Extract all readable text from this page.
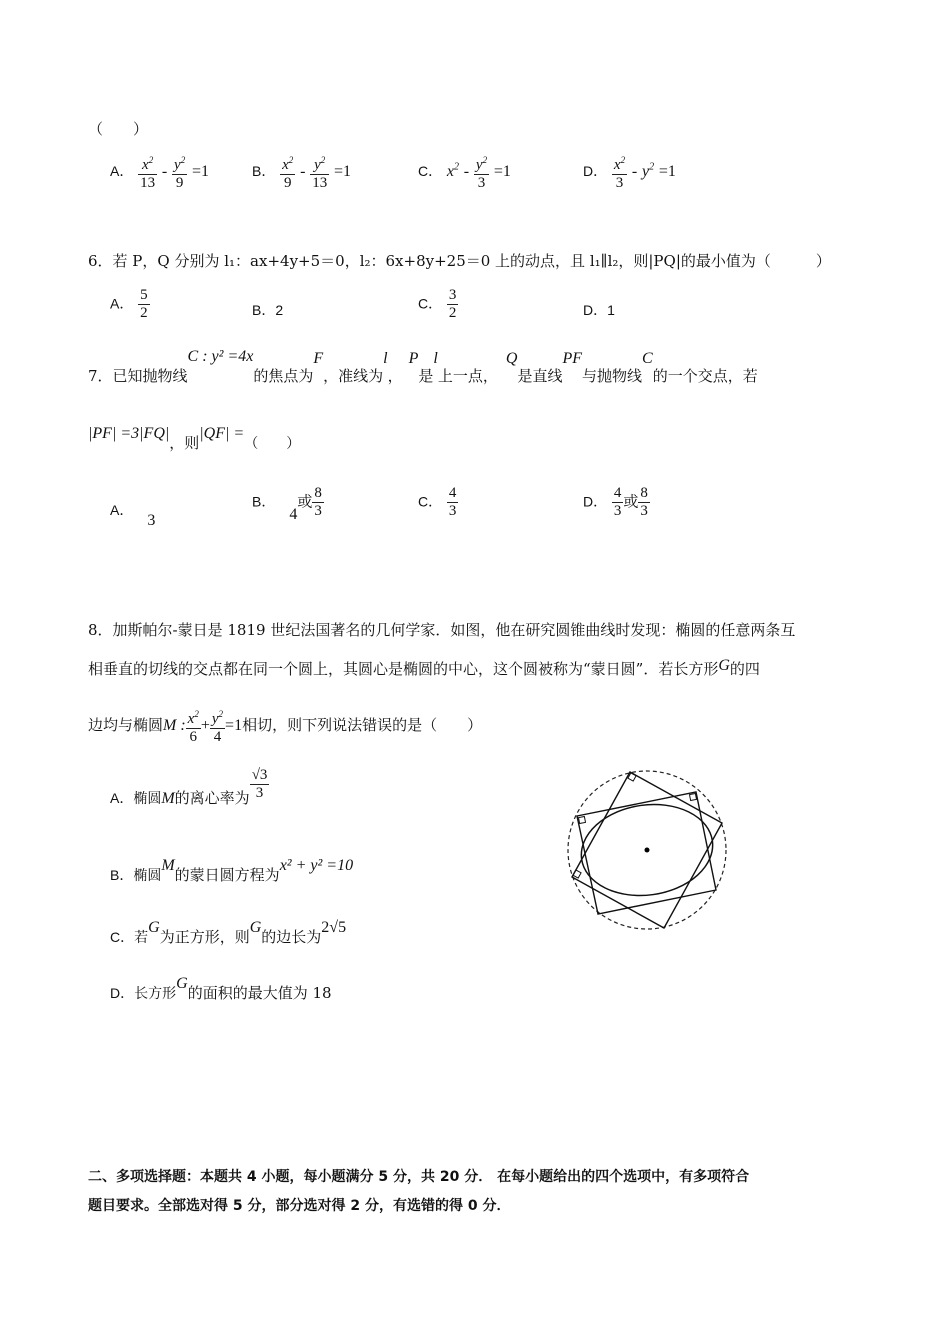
（　　）
A． $\frac{x^2}{13} - \frac{y^2}{9} =1$	B． $\frac{x^2}{9} - \frac{y^2}{13} =1$	C． $x^2 - \frac{y^2}{3} =1$	D． $\frac{x^2}{3} - y^2 =1$
6．若 P，Q 分别为 l₁：ax+4y+5＝0，l₂：6x+8y+25＝0 上的动点，且 l₁∥l₂，则|PQ|的最小值为（　　　）
A． $\frac{5}{2}$	B．2	C． $\frac{3}{2}$	D．1
7．已知抛物线C : y² =4x的焦点为F，准线为l，P是l上一点，Q是直线PF与抛物线C的一个交点，若
|PF| =3|FQ|，则|QF| =（　　）
A．3
B．4或 $\frac{8}{3}$	C． $\frac{4}{3}$	D． $\frac{4}{3}$ 或 $\frac{8}{3}$
8．加斯帕尔-蒙日是 1819 世纪法国著名的几何学家．如图，他在研究圆锥曲线时发现：椭圆的任意两条互
相垂直的切线的交点都在同一个圆上，其圆心是椭圆的中心，这个圆被称为“蒙日圆”．若长方形G的四
边均与椭圆M : $\frac{x^2}{6} + \frac{y^2}{4} =1$相切，则下列说法错误的是（　　）
A．椭圆M的离心率为 $\frac{√3}{3}$
B．椭圆M的蒙日圆方程为x² + y² =10
C．若G为正方形，则G的边长为2√5
D．长方形G的面积的最大值为 18
二、多项选择题：本题共 4 小题，每小题满分 5 分，共 20 分． 在每小题给出的四个选项中，有多项符合
题目要求。全部选对得 5 分，部分选对得 2 分，有选错的得 0 分．
